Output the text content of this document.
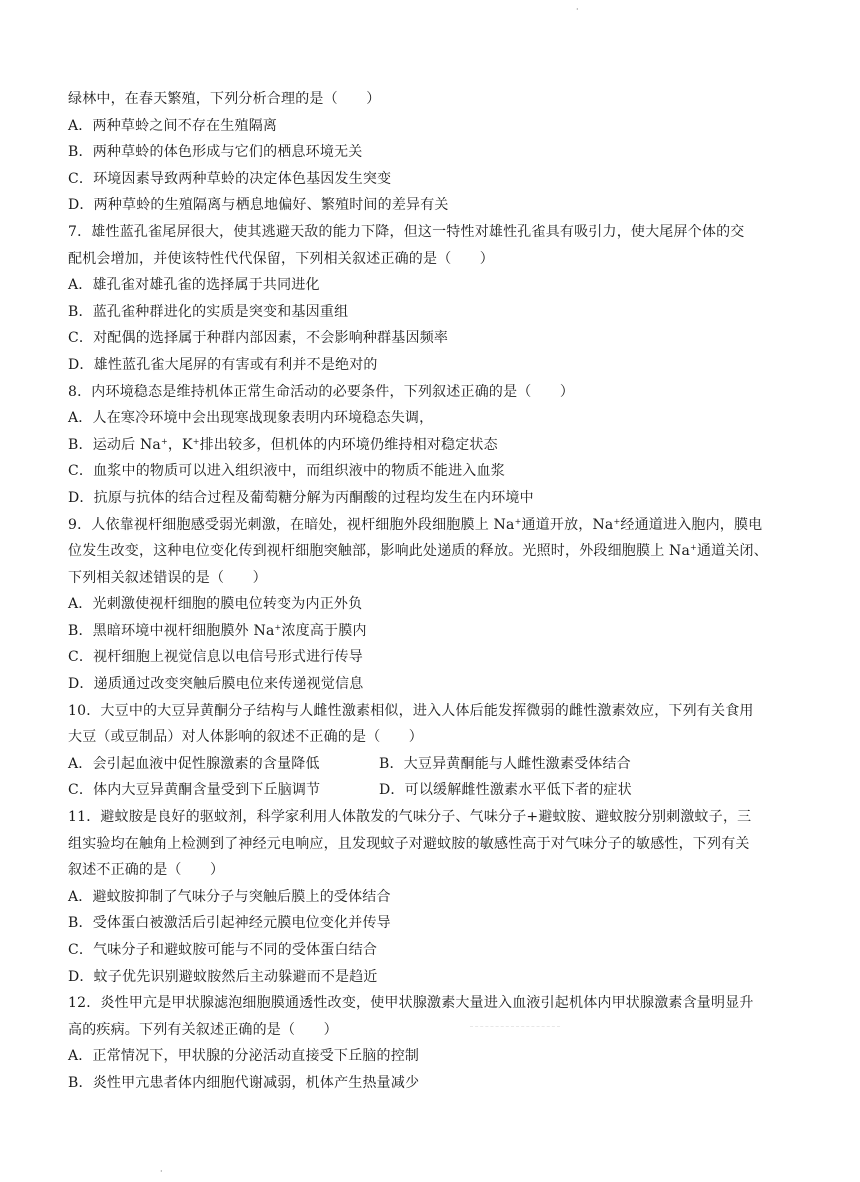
·
·
绿林中，在春天繁殖，下列分析合理的是（　　）
A．两种草蛉之间不存在生殖隔离
B．两种草蛉的体色形成与它们的栖息环境无关
C．环境因素导致两种草蛉的决定体色基因发生突变
D．两种草蛉的生殖隔离与栖息地偏好、繁殖时间的差异有关
7．雄性蓝孔雀尾屏很大，使其逃避天敌的能力下降，但这一特性对雄性孔雀具有吸引力，使大尾屏个体的交
配机会增加，并使该特性代代保留，下列相关叙述正确的是（　　）
A．雄孔雀对雄孔雀的选择属于共同进化
B．蓝孔雀种群进化的实质是突变和基因重组
C．对配偶的选择属于种群内部因素，不会影响种群基因频率
D．雄性蓝孔雀大尾屏的有害或有利并不是绝对的
8．内环境稳态是维持机体正常生命活动的必要条件，下列叙述正确的是（　　）
A．人在寒冷环境中会出现寒战现象表明内环境稳态失调，
B．运动后 Na+，K+排出较多，但机体的内环境仍维持相对稳定状态
C．血浆中的物质可以进入组织液中，而组织液中的物质不能进入血浆
D．抗原与抗体的结合过程及葡萄糖分解为丙酮酸的过程均发生在内环境中
9．人依靠视杆细胞感受弱光刺激，在暗处，视杆细胞外段细胞膜上 Na+通道开放，Na+经通道进入胞内，膜电
位发生改变，这种电位变化传到视杆细胞突触部，影响此处递质的释放。光照时，外段细胞膜上 Na+通道关闭、
下列相关叙述错误的是（　　）
A．光刺激使视杆细胞的膜电位转变为内正外负
B．黑暗环境中视杆细胞膜外 Na+浓度高于膜内
C．视杆细胞上视觉信息以电信号形式进行传导
D．递质通过改变突触后膜电位来传递视觉信息
10．大豆中的大豆异黄酮分子结构与人雌性激素相似，进入人体后能发挥微弱的雌性激素效应，下列有关食用
大豆（或豆制品）对人体影响的叙述不正确的是（　　）
A．会引起血液中促性腺激素的含量降低	B．大豆异黄酮能与人雌性激素受体结合
C．体内大豆异黄酮含量受到下丘脑调节	D．可以缓解雌性激素水平低下者的症状
11．避蚊胺是良好的驱蚊剂，科学家利用人体散发的气味分子、气味分子+避蚊胺、避蚊胺分别刺激蚊子，三
组实验均在触角上检测到了神经元电响应，且发现蚊子对避蚊胺的敏感性高于对气味分子的敏感性，下列有关
叙述不正确的是（　　）
A．避蚊胺抑制了气味分子与突触后膜上的受体结合
B．受体蛋白被激活后引起神经元膜电位变化并传导
C．气味分子和避蚊胺可能与不同的受体蛋白结合
D．蚊子优先识别避蚊胺然后主动躲避而不是趋近
12．炎性甲亢是甲状腺滤泡细胞膜通透性改变，使甲状腺激素大量进入血液引起机体内甲状腺激素含量明显升
高的疾病。下列有关叙述正确的是（　　）
A．正常情况下，甲状腺的分泌活动直接受下丘脑的控制
B．炎性甲亢患者体内细胞代谢减弱，机体产生热量减少
